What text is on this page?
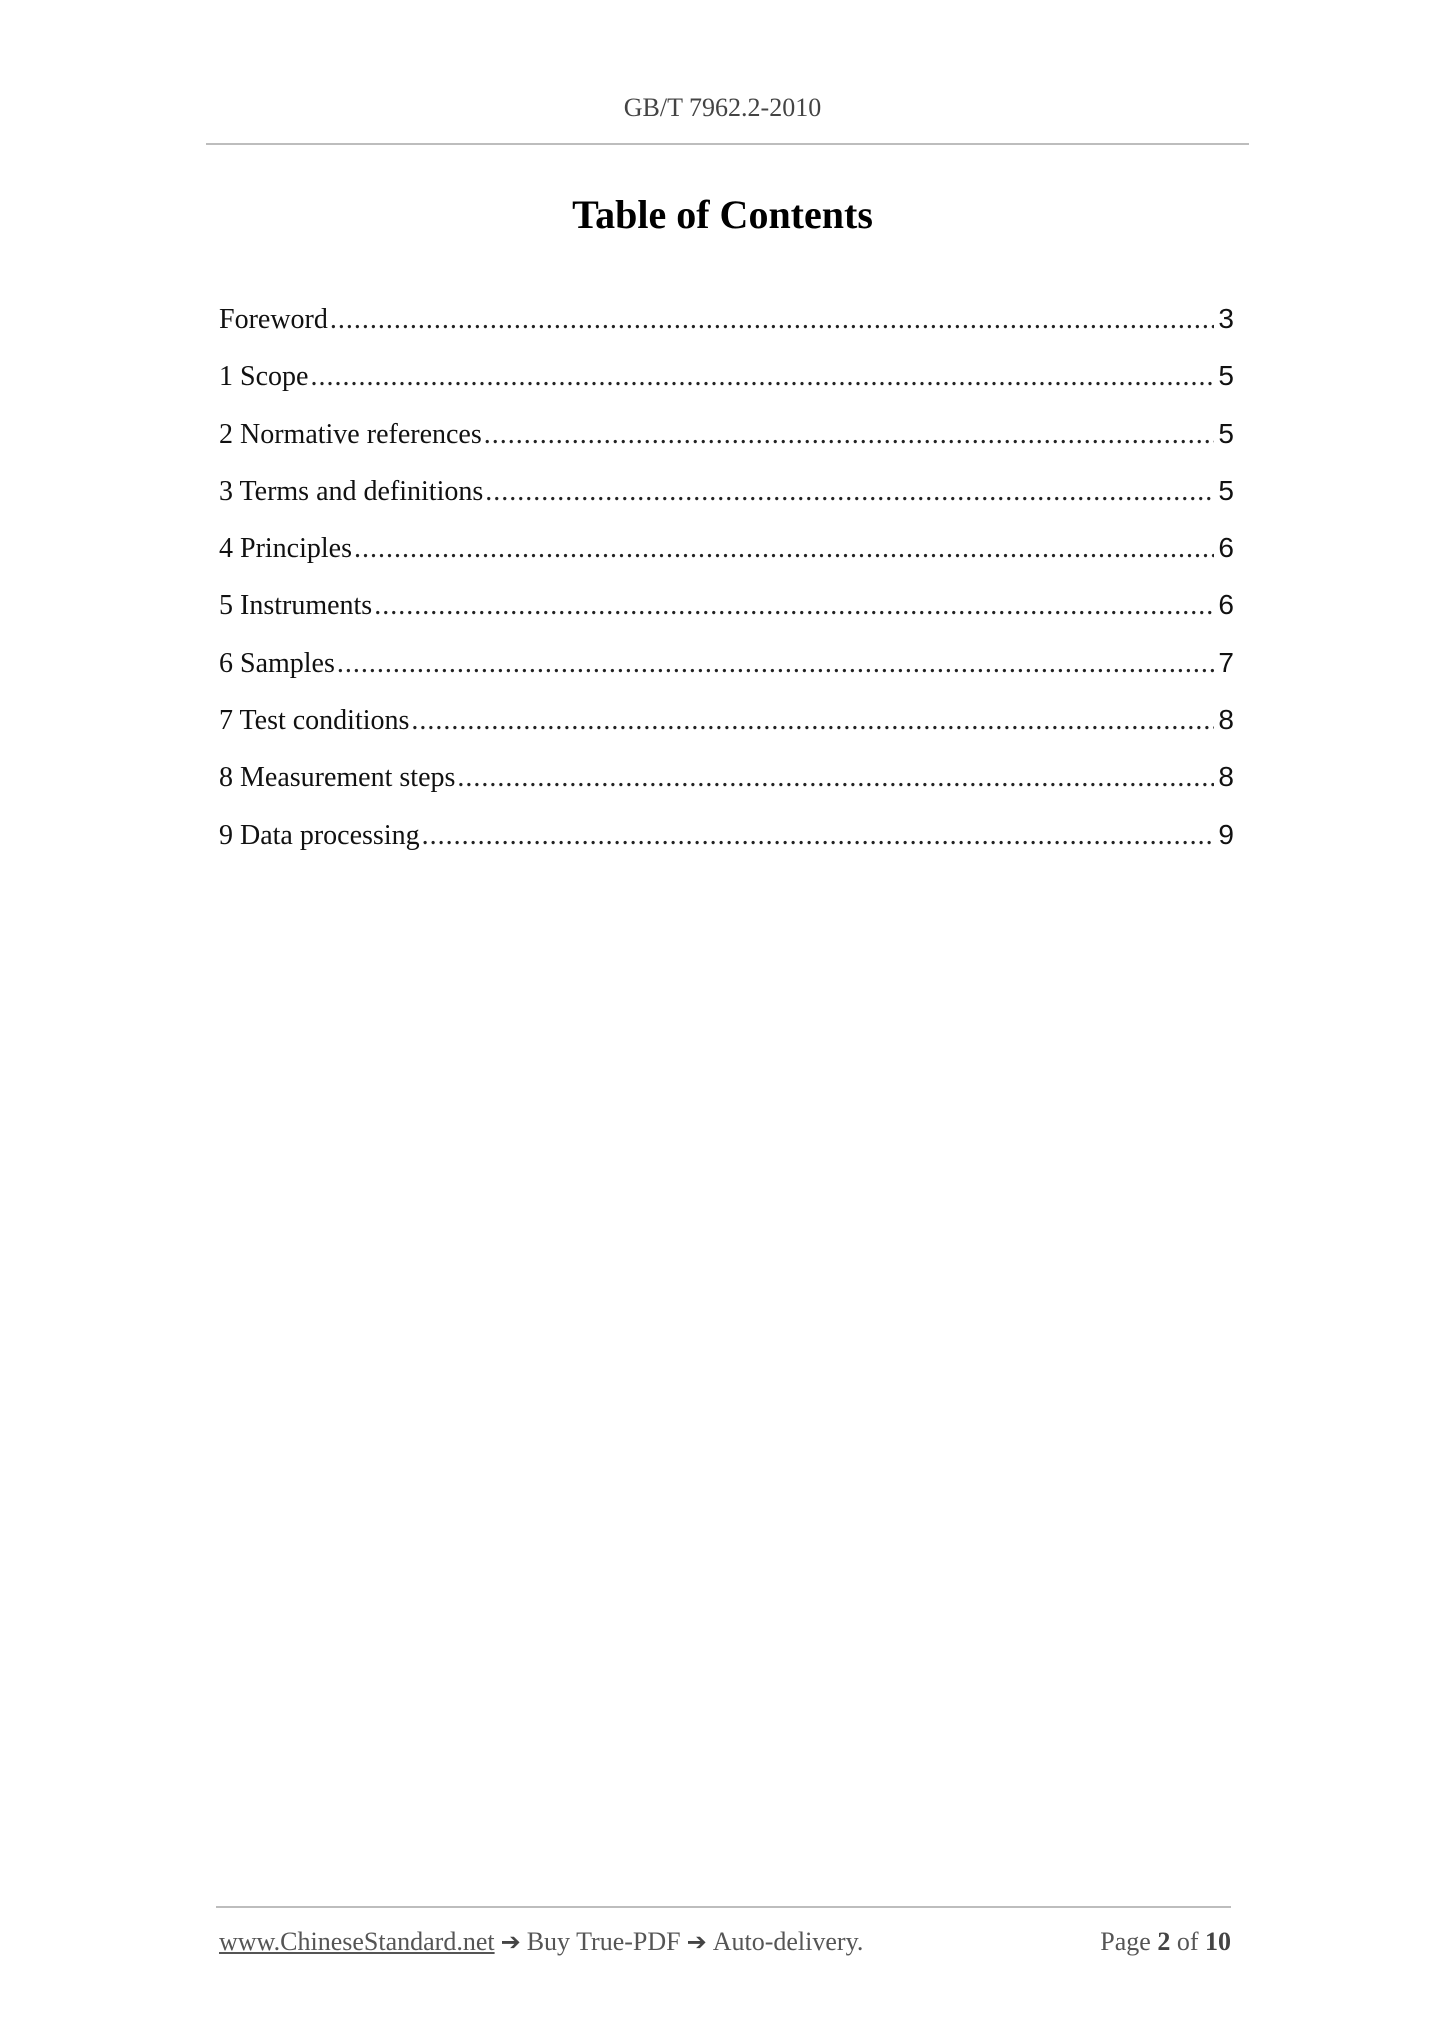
GB/T 7962.2-2010
Table of Contents
Foreword .....	3
1 Scope .....	5
2 Normative references .....	5
3 Terms and definitions .....	5
4 Principles .....	6
5 Instruments .....	6
6 Samples .....	7
7 Test conditions .....	8
8 Measurement steps .....	8
9 Data processing .....	9
www.ChineseStandard.net ➔ Buy True-PDF ➔ Auto-delivery.	Page 2 of 10
